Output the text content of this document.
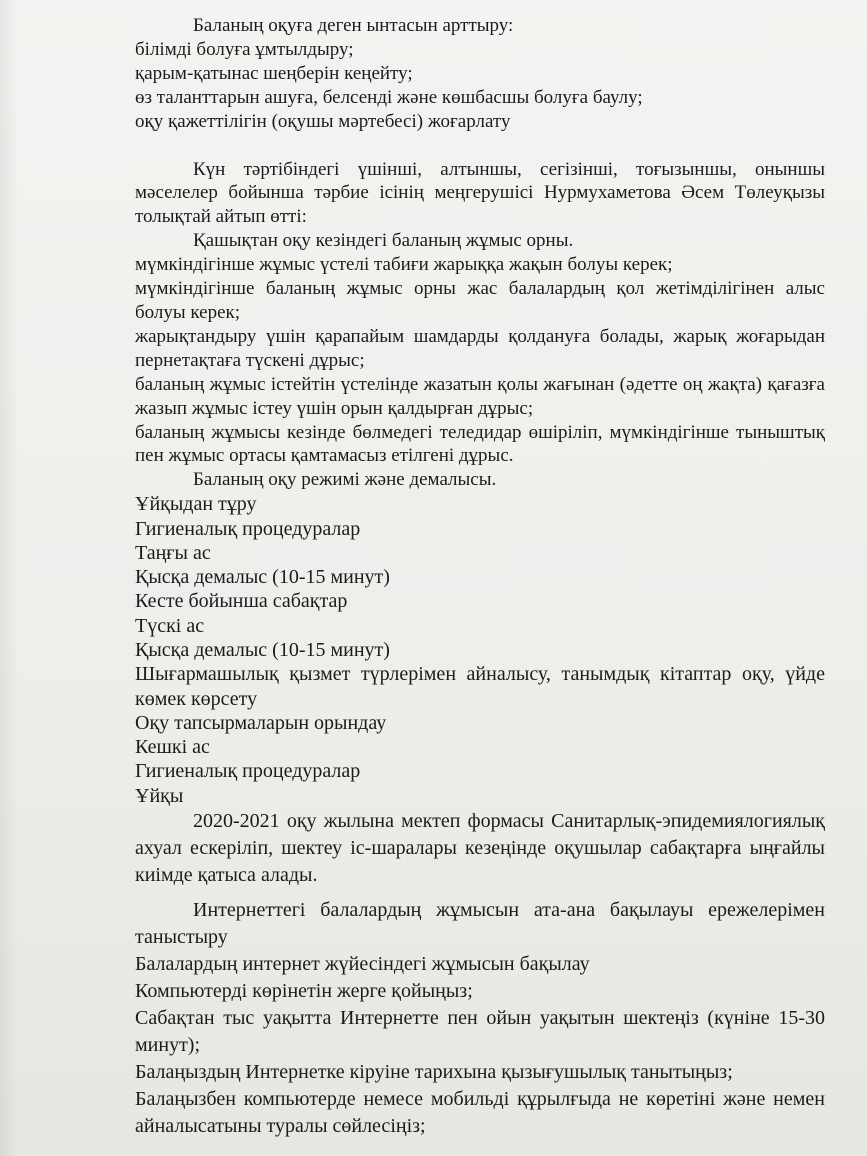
Баланың оқуға деген ынтасын арттыру:

білімді болуға ұмтылдыру;

қарым-қатынас шеңберін кеңейту;

өз таланттарын ашуға, белсенді және көшбасшы болуға баулу;

оқу қажеттілігін (оқушы мәртебесі) жоғарлату

Күн тәртібіндегі үшінші, алтыншы, сегізінші, тоғызыншы, оныншы мәселелер бойынша тәрбие ісінің меңгерушісі Нурмухаметова Әсем Төлеуқызы толықтай айтып өтті:

Қашықтан оқу кезіндегі баланың жұмыс орны.

мүмкіндігінше жұмыс үстелі табиғи жарыққа жақын болуы керек;

мүмкіндігінше баланың жұмыс орны жас балалардың қол жетімділігінен алыс болуы керек;

жарықтандыру үшін қарапайым шамдарды қолдануға болады, жарық жоғарыдан пернетақтаға түскені дұрыс;

баланың жұмыс істейтін үстелінде жазатын қолы жағынан (әдетте оң жақта) қағазға жазып жұмыс істеу үшін орын қалдырған дұрыс;

баланың жұмысы кезінде бөлмедегі теледидар өшіріліп, мүмкіндігінше тыныштық пен жұмыс ортасы қамтамасыз етілгені дұрыс.

Баланың оқу режимі және демалысы.

Ұйқыдан тұру

Гигиеналық процедуралар

Таңғы ас

Қысқа демалыс (10-15 минут)

Кесте бойынша сабақтар

Түскі ас

Қысқа демалыс (10-15 минут)

Шығармашылық қызмет түрлерімен айналысу, танымдық кітаптар оқу, үйде көмек көрсету

Оқу тапсырмаларын орындау

Кешкі ас

Гигиеналық процедуралар

Ұйқы

2020-2021 оқу жылына мектеп формасы Санитарлық-эпидемиялогиялық ахуал ескеріліп, шектеу іс-шаралары кезеңінде оқушылар сабақтарға ыңғайлы киімде қатыса алады.

Интернеттегі балалардың жұмысын ата-ана бақылауы ережелерімен таныстыру

Балалардың интернет жүйесіндегі жұмысын бақылау

Компьютерді көрінетін жерге қойыңыз;

Сабақтан тыс уақытта Интернетте пен ойын уақытын шектеңіз (күніне 15-30 минут);

Балаңыздың Интернетке кіруіне тарихына қызығушылық танытыңыз;

Балаңызбен компьютерде немесе мобильді құрылғыда не көретіні және немен айналысатыны туралы сөйлесіңіз;
